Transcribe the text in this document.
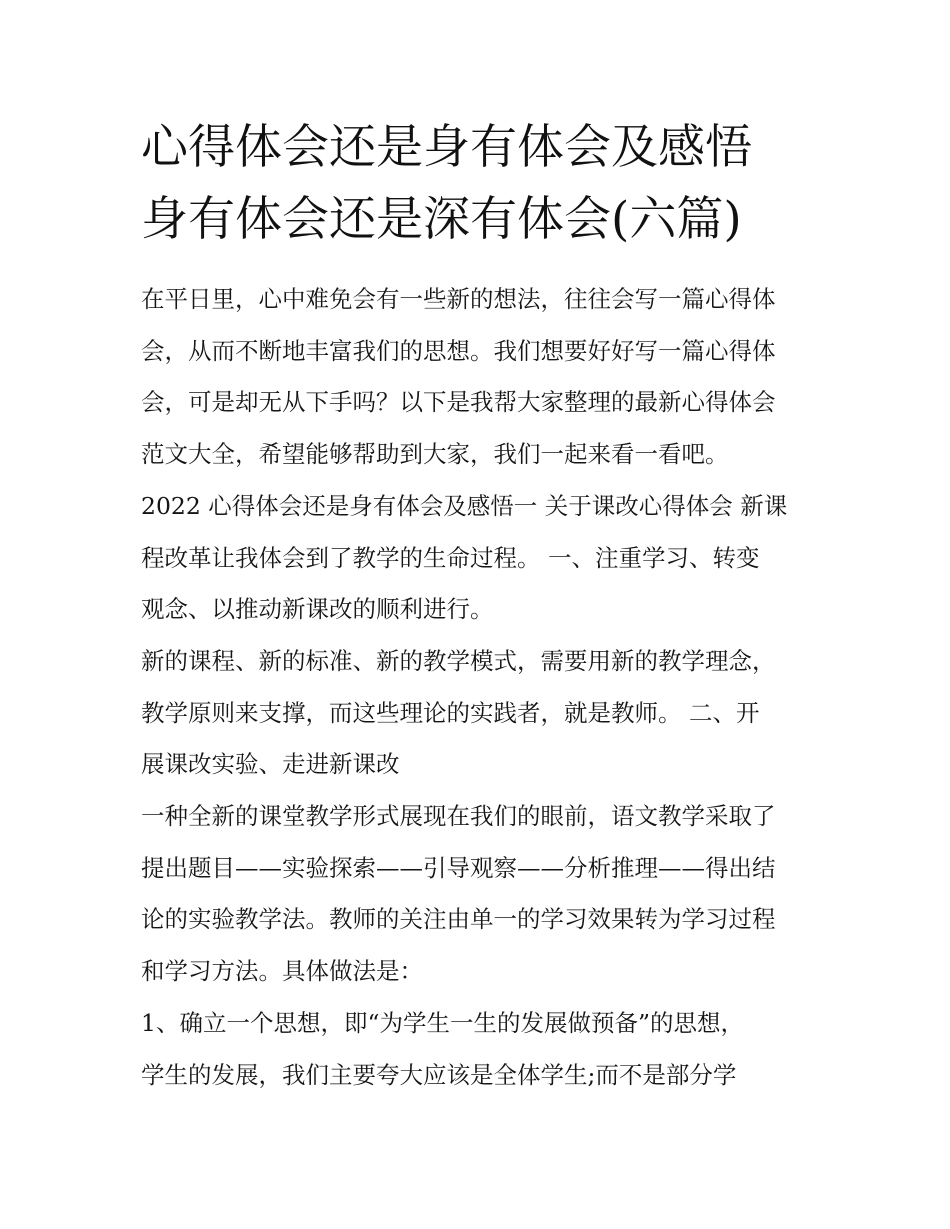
心得体会还是身有体会及感悟
身有体会还是深有体会(六篇)

在平日里，心中难免会有一些新的想法，往往会写一篇心得体
会，从而不断地丰富我们的思想。我们想要好好写一篇心得体
会，可是却无从下手吗？以下是我帮大家整理的最新心得体会
范文大全，希望能够帮助到大家，我们一起来看一看吧。

2022 心得体会还是身有体会及感悟一 关于课改心得体会 新课
程改革让我体会到了教学的生命过程。 一、注重学习、转变
观念、以推动新课改的顺利进行。

新的课程、新的标准、新的教学模式，需要用新的教学理念，
教学原则来支撑，而这些理论的实践者，就是教师。 二、开
展课改实验、走进新课改

一种全新的课堂教学形式展现在我们的眼前，语文教学采取了
提出题目——实验探索——引导观察——分析推理——得出结
论的实验教学法。教师的关注由单一的学习效果转为学习过程
和学习方法。具体做法是：

1、确立一个思想，即“为学生一生的发展做预备”的思想，
学生的发展，我们主要夸大应该是全体学生;而不是部分学
